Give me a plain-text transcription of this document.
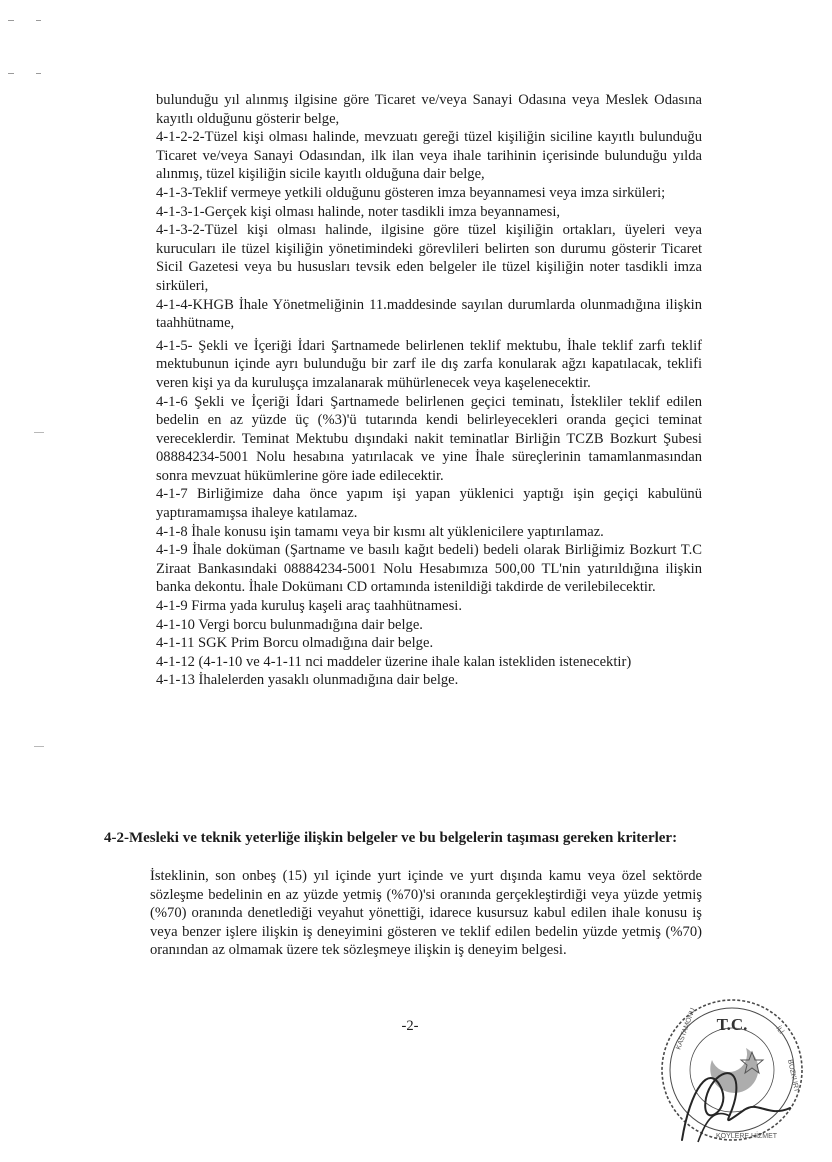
bulunduğu yıl alınmış ilgisine göre Ticaret ve/veya Sanayi Odasına veya Meslek Odasına kayıtlı olduğunu gösterir belge,

4-1-2-2-Tüzel kişi olması halinde, mevzuatı gereği tüzel kişiliğin siciline kayıtlı bulunduğu Ticaret ve/veya Sanayi Odasından, ilk ilan veya ihale tarihinin içerisinde bulunduğu yılda alınmış, tüzel kişiliğin sicile kayıtlı olduğuna dair belge,

4-1-3-Teklif vermeye yetkili olduğunu gösteren imza beyannamesi veya imza sirküleri;

4-1-3-1-Gerçek kişi olması halinde, noter tasdikli imza beyannamesi,

4-1-3-2-Tüzel kişi olması halinde, ilgisine göre tüzel kişiliğin ortakları, üyeleri veya kurucuları ile tüzel kişiliğin yönetimindeki görevlileri belirten son durumu gösterir Ticaret Sicil Gazetesi veya bu hususları tevsik eden belgeler ile tüzel kişiliğin noter tasdikli imza sirküleri,

4-1-4-KHGB İhale Yönetmeliğinin 11.maddesinde sayılan durumlarda olunmadığına ilişkin taahhütname,

4-1-5- Şekli ve İçeriği İdari Şartnamede belirlenen teklif mektubu, İhale teklif zarfı teklif mektubunun içinde ayrı bulunduğu bir zarf ile dış zarfa konularak ağzı kapatılacak, teklifi veren kişi ya da kuruluşça imzalanarak mühürlenecek veya kaşelenecektir.

4-1-6 Şekli ve İçeriği İdari Şartnamede belirlenen geçici teminatı, İstekliler teklif edilen bedelin en az yüzde üç (%3)'ü tutarında kendi belirleyecekleri oranda geçici teminat vereceklerdir. Teminat Mektubu dışındaki nakit teminatlar Birliğin TCZB Bozkurt Şubesi 08884234-5001 Nolu hesabına yatırılacak ve yine İhale süreçlerinin tamamlanmasından sonra mevzuat hükümlerine göre iade edilecektir.

4-1-7 Birliğimize daha önce yapım işi yapan yüklenici yaptığı işin geçiçi kabulünü yaptıramamışsa ihaleye katılamaz.

4-1-8 İhale konusu işin tamamı veya bir kısmı alt yüklenicilere yaptırılamaz.

4-1-9 İhale doküman (Şartname ve basılı kağıt bedeli) bedeli olarak Birliğimiz Bozkurt T.C Ziraat Bankasındaki 08884234-5001 Nolu Hesabımıza 500,00 TL'nin yatırıldığına ilişkin banka dekontu. İhale Dokümanı CD ortamında istenildiği takdirde de verilebilecektir.

4-1-9 Firma yada kuruluş kaşeli araç taahhütnamesi.

4-1-10 Vergi borcu bulunmadığına dair belge.

4-1-11 SGK Prim Borcu olmadığına dair belge.

4-1-12 (4-1-10 ve 4-1-11 nci maddeler üzerine ihale kalan istekliden istenecektir)

4-1-13 İhalelerden yasaklı olunmadığına dair belge.

4-2-Mesleki ve teknik yeterliğe ilişkin belgeler ve bu belgelerin taşıması gereken kriterler:

İsteklinin, son onbeş (15) yıl içinde yurt içinde ve yurt dışında kamu veya özel sektörde sözleşme bedelinin en az yüzde yetmiş (%70)'si oranında gerçekleştirdiği veya yüzde yetmiş (%70) oranında denetlediği veyahut yönettiği, idarece kusursuz kabul edilen ihale konusu iş veya benzer işlere ilişkin iş deneyimini gösteren ve teklif edilen bedelin yüzde yetmiş (%70) oranından az olmamak üzere tek sözleşmeye ilişkin iş deneyim belgesi.

-2-	T.C.
KASTAMONU	İLİ
BOZKURT
KÖYLERE HİZMET
